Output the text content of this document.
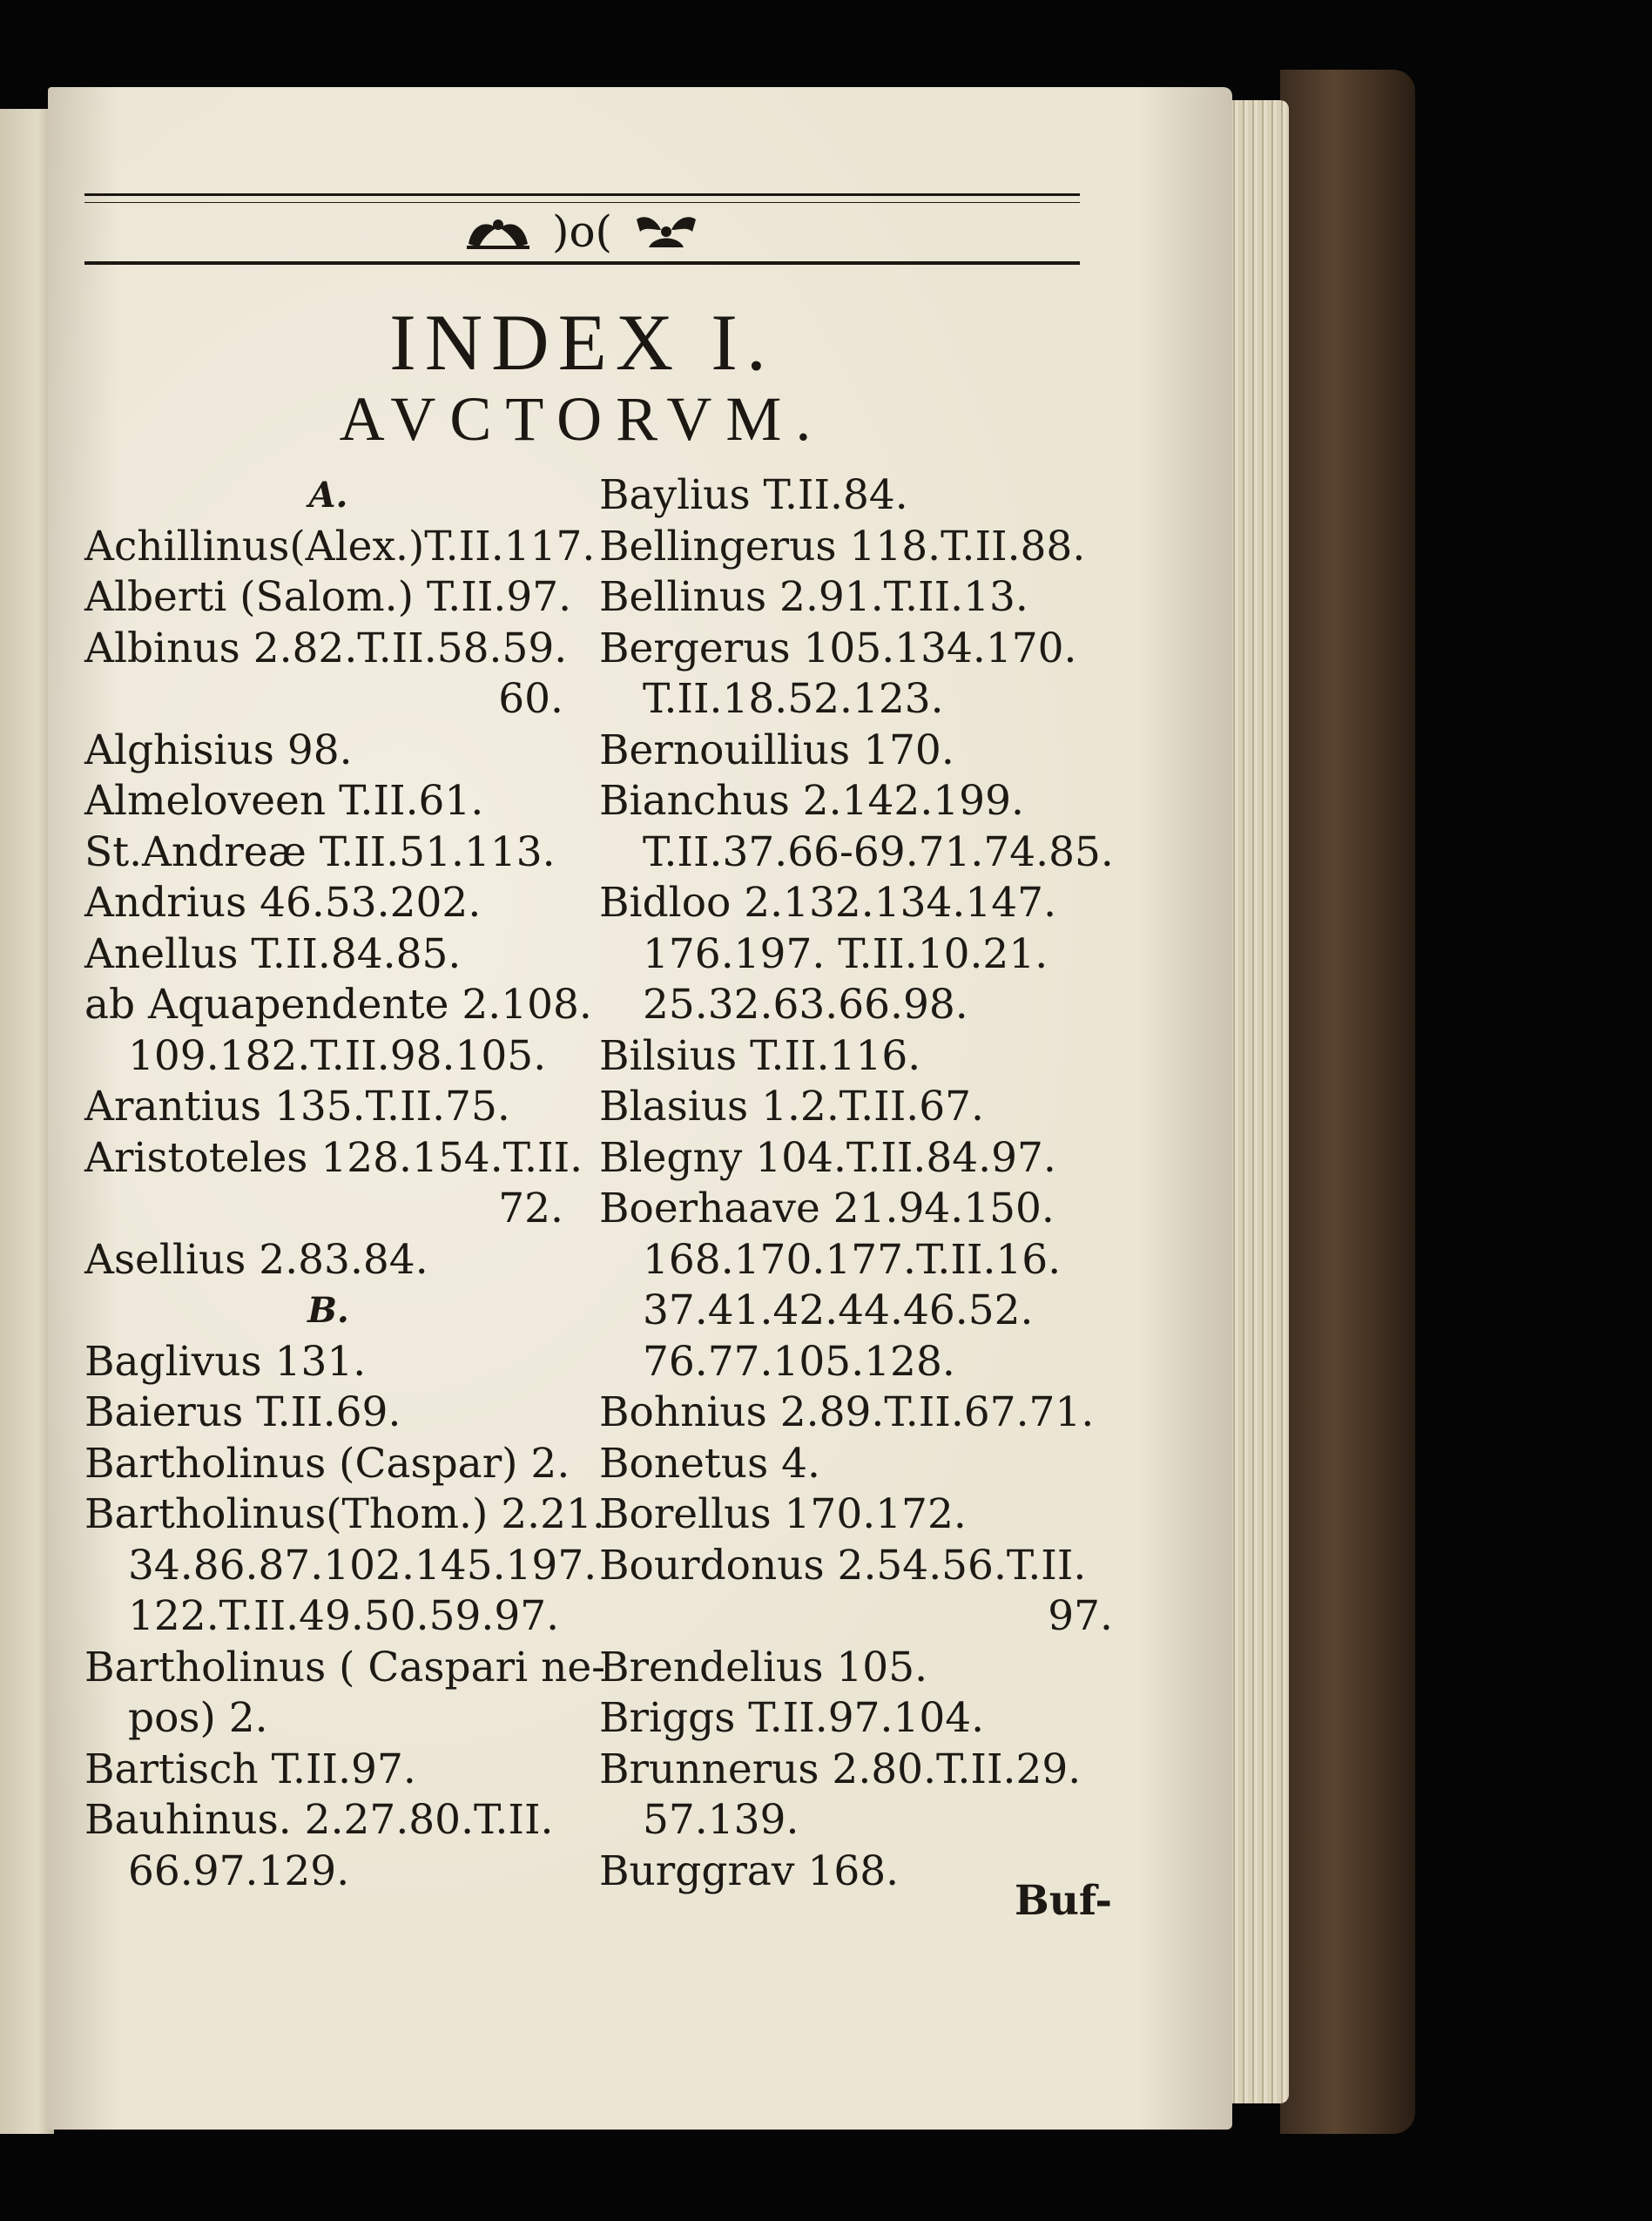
)o(
INDEX I.
AVCTORVM.
A.
Achillinus(Alex.)T.II.117.
Alberti (Salom.) T.II.97.
Albinus 2.82.T.II.58.59.
60.
Alghisius 98.
Almeloveen T.II.61.
St.Andreæ T.II.51.113.
Andrius 46.53.202.
Anellus T.II.84.85.
ab Aquapendente 2.108.
109.182.T.II.98.105.
Arantius 135.T.II.75.
Aristoteles 128.154.T.II.
72.
Asellius 2.83.84.
B.
Baglivus 131.
Baierus T.II.69.
Bartholinus (Caspar) 2.
Bartholinus(Thom.) 2.21.
34.86.87.102.145.197.
122.T.II.49.50.59.97.
Bartholinus ( Caspari ne-
pos) 2.
Bartisch T.II.97.
Bauhinus. 2.27.80.T.II.
66.97.129.
Baylius T.II.84.
Bellingerus 118.T.II.88.
Bellinus 2.91.T.II.13.
Bergerus 105.134.170.
T.II.18.52.123.
Bernouillius 170.
Bianchus 2.142.199.
T.II.37.66-69.71.74.85.
Bidloo 2.132.134.147.
176.197. T.II.10.21.
25.32.63.66.98.
Bilsius T.II.116.
Blasius 1.2.T.II.67.
Blegny 104.T.II.84.97.
Boerhaave 21.94.150.
168.170.177.T.II.16.
37.41.42.44.46.52.
76.77.105.128.
Bohnius 2.89.T.II.67.71.
Bonetus 4.
Borellus 170.172.
Bourdonus 2.54.56.T.II.
97.
Brendelius 105.
Briggs T.II.97.104.
Brunnerus 2.80.T.II.29.
57.139.
Burggrav 168.
Buf-
